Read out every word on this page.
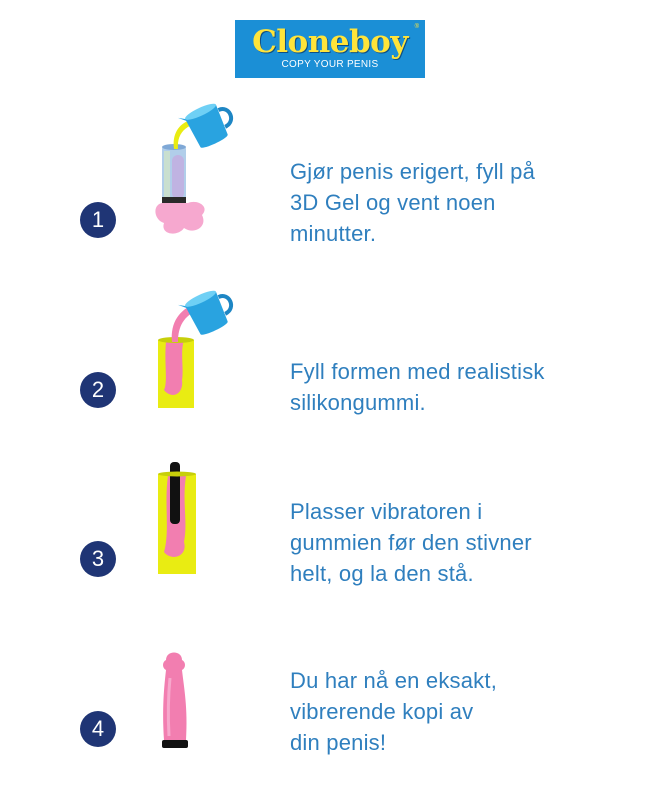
®
Cloneboy
COPY YOUR PENIS
1
Gjør penis erigert, fyll på
3D Gel og vent noen
minutter.
2
Fyll formen med realistisk
silikongummi.
3
Plasser vibratoren i
gummien før den stivner
helt, og la den stå.
4
Du har nå en eksakt,
vibrerende kopi av
din penis!
